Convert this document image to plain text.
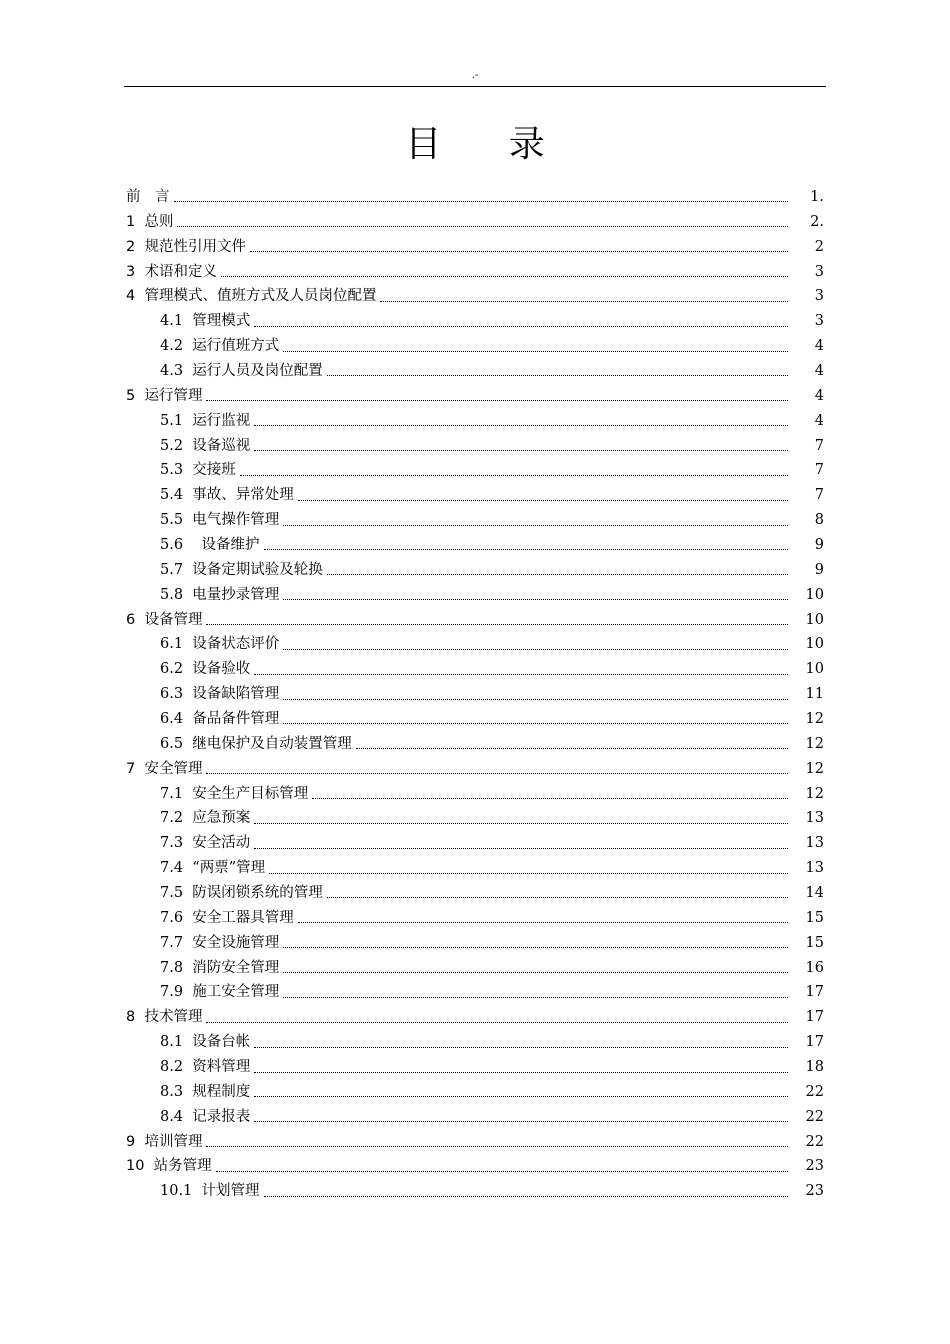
.-
目 录
前　言	1.
1  总则	2.
2  规范性引用文件	2
3  术语和定义	3
4  管理模式、值班方式及人员岗位配置	3
4.1  管理模式	3
4.2  运行值班方式	4
4.3  运行人员及岗位配置	4
5  运行管理	4
5.1  运行监视	4
5.2  设备巡视	7
5.3  交接班	7
5.4  事故、异常处理	7
5.5  电气操作管理	8
5.6    设备维护	9
5.7  设备定期试验及轮换	9
5.8  电量抄录管理	10
6  设备管理	10
6.1  设备状态评价	10
6.2  设备验收	10
6.3  设备缺陷管理	11
6.4  备品备件管理	12
6.5  继电保护及自动装置管理	12
7  安全管理	12
7.1  安全生产目标管理	12
7.2  应急预案	13
7.3  安全活动	13
7.4  “两票”管理	13
7.5  防误闭锁系统的管理	14
7.6  安全工器具管理	15
7.7  安全设施管理	15
7.8  消防安全管理	16
7.9  施工安全管理	17
8  技术管理	17
8.1  设备台帐	17
8.2  资料管理	18
8.3  规程制度	22
8.4  记录报表	22
9  培训管理	22
10  站务管理	23
10.1  计划管理	23
